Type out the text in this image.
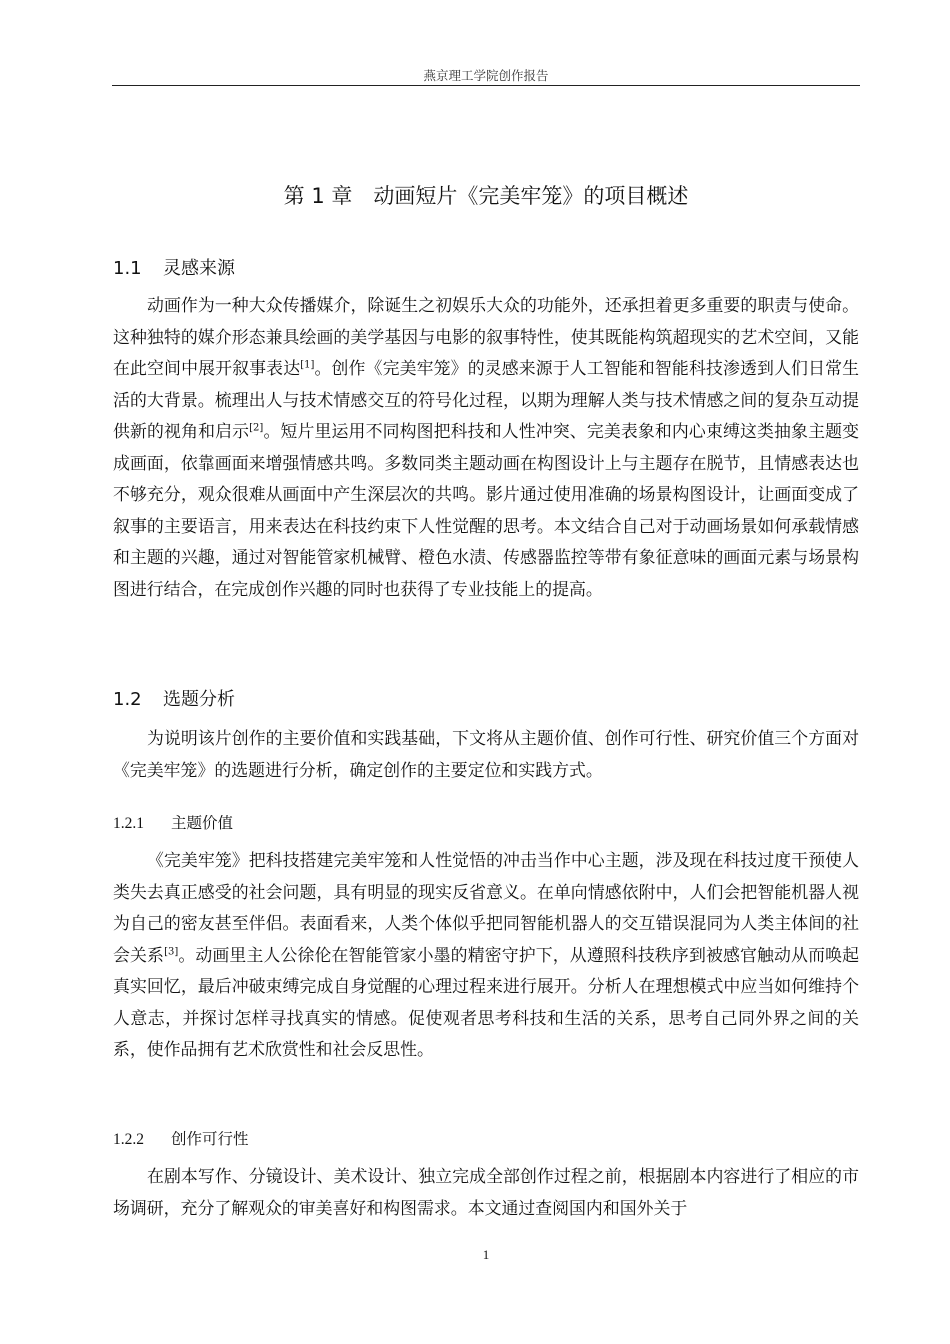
燕京理工学院创作报告
第 1 章　动画短片《完美牢笼》的项目概述
1.1 灵感来源

动画作为一种大众传播媒介，除诞生之初娱乐大众的功能外，还承担着更多重要的职责与使命。这种独特的媒介形态兼具绘画的美学基因与电影的叙事特性，使其既能构筑超现实的艺术空间，又能在此空间中展开叙事表达[1]。创作《完美牢笼》的灵感来源于人工智能和智能科技渗透到人们日常生活的大背景。梳理出人与技术情感交互的符号化过程，以期为理解人类与技术情感之间的复杂互动提供新的视角和启示[2]。短片里运用不同构图把科技和人性冲突、完美表象和内心束缚这类抽象主题变成画面，依靠画面来增强情感共鸣。多数同类主题动画在构图设计上与主题存在脱节，且情感表达也不够充分，观众很难从画面中产生深层次的共鸣。影片通过使用准确的场景构图设计，让画面变成了叙事的主要语言，用来表达在科技约束下人性觉醒的思考。本文结合自己对于动画场景如何承载情感和主题的兴趣，通过对智能管家机械臂、橙色水渍、传感器监控等带有象征意味的画面元素与场景构图进行结合，在完成创作兴趣的同时也获得了专业技能上的提高。

1.2 选题分析

为说明该片创作的主要价值和实践基础，下文将从主题价值、创作可行性、研究价值三个方面对《完美牢笼》的选题进行分析，确定创作的主要定位和实践方式。

1.2.1 主题价值

《完美牢笼》把科技搭建完美牢笼和人性觉悟的冲击当作中心主题，涉及现在科技过度干预使人类失去真正感受的社会问题，具有明显的现实反省意义。在单向情感依附中，人们会把智能机器人视为自己的密友甚至伴侣。表面看来，人类个体似乎把同智能机器人的交互错误混同为人类主体间的社会关系[3]。动画里主人公徐伦在智能管家小墨的精密守护下，从遵照科技秩序到被感官触动从而唤起真实回忆，最后冲破束缚完成自身觉醒的心理过程来进行展开。分析人在理想模式中应当如何维持个人意志，并探讨怎样寻找真实的情感。促使观者思考科技和生活的关系，思考自己同外界之间的关系，使作品拥有艺术欣赏性和社会反思性。

1.2.2 创作可行性

在剧本写作、分镜设计、美术设计、独立完成全部创作过程之前，根据剧本内容进行了相应的市场调研，充分了解观众的审美喜好和构图需求。本文通过查阅国内和国外关于

1
